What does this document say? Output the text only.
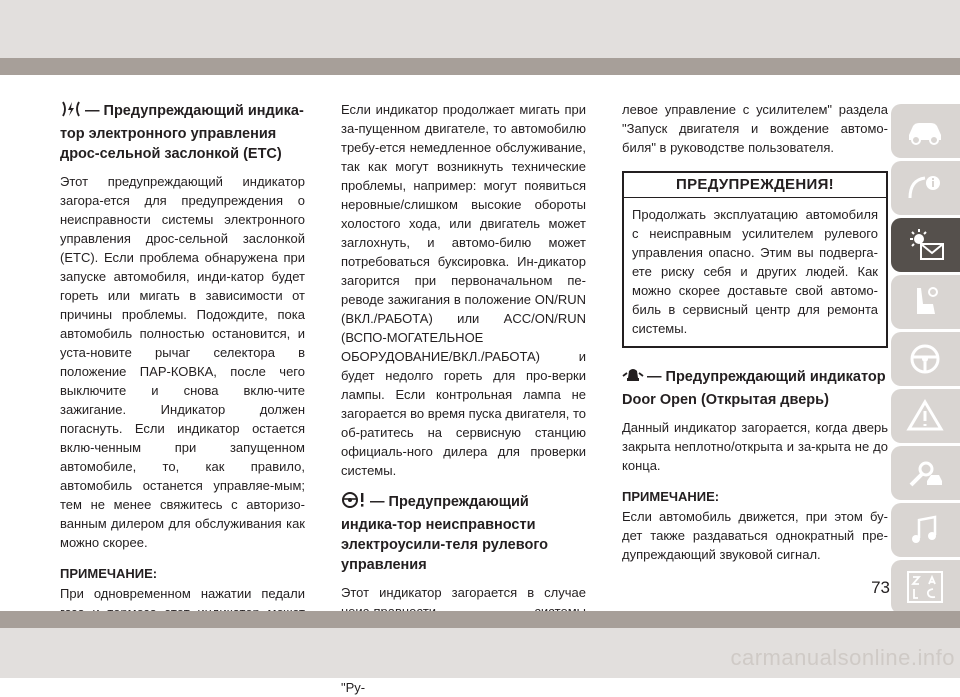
— Предупреждающий индика-тор электронного управления дрос-сельной заслонкой (ETC)

Этот предупреждающий индикатор загора-ется для предупреждения о неисправности системы электронного управления дрос-сельной заслонкой (ETC). Если проблема обнаружена при запуске автомобиля, инди-катор будет гореть или мигать в зависимости от причины проблемы. Подождите, пока автомобиль полностью остановится, и уста-новите рычаг селектора в положение ПАР-КОВКА, после чего выключите и снова вклю-чите зажигание. Индикатор должен погаснуть. Если индикатор остается вклю-ченным при запущенном автомобиле, то, как правило, автомобиль останется управляе-мым; тем не менее свяжитесь с авторизо-ванным дилером для обслуживания как можно скорее.

ПРИМЕЧАНИЕ:

При одновременном нажатии педали

Если индикатор продолжает мигать при за-пущенном двигателе, то автомобилю требу-ется немедленное обслуживание, так как могут возникнуть технические проблемы, например: могут появиться неровные/слишком высокие обороты холостого хода, или двигатель может заглохнуть, и автомо-билю может потребоваться буксировка. Ин-дикатор загорится при первоначальном пе-реводе зажигания в положение ON/RUN (ВКЛ./РАБОТА) или ACC/ON/RUN (ВСПО-МОГАТЕЛЬНОЕ ОБОРУДОВАНИЕ/ВКЛ./РАБОТА) и будет недолго гореть для про-верки лампы. Если контрольная лампа не загорается во время пуска двигателя, то об-ратитесь на сервисную станцию официаль-ного дилера для проверки системы.

— Предупреждающий индика-тор неисправности электроусили-теля рулевого управления

Этот индикатор загорается в случае "Ру-

левое управление с усилителем" раздела "Запуск двигателя и вождение автомо-биля" в руководстве пользователя.

ПРЕДУПРЕЖДЕНИЯ!

Продолжать эксплуатацию автомобиля с неисправным усилителем рулевого управления опасно. Этим вы подверга-ете риску себя и других людей. Как можно скорее доставьте свой автомо-биль в сервисный центр для ремонта системы.

— Предупреждающий индикатор Door Open (Открытая дверь)

Данный индикатор загорается, когда дверь закрыта неплотно/открыта и за-крыта не до конца.

ПРИМЕЧАНИЕ:

Если автомобиль движется, при этом бу-дет также раздаваться однократный пре-дупреждающий звуковой сигнал.

73
carmanualsonline.info
